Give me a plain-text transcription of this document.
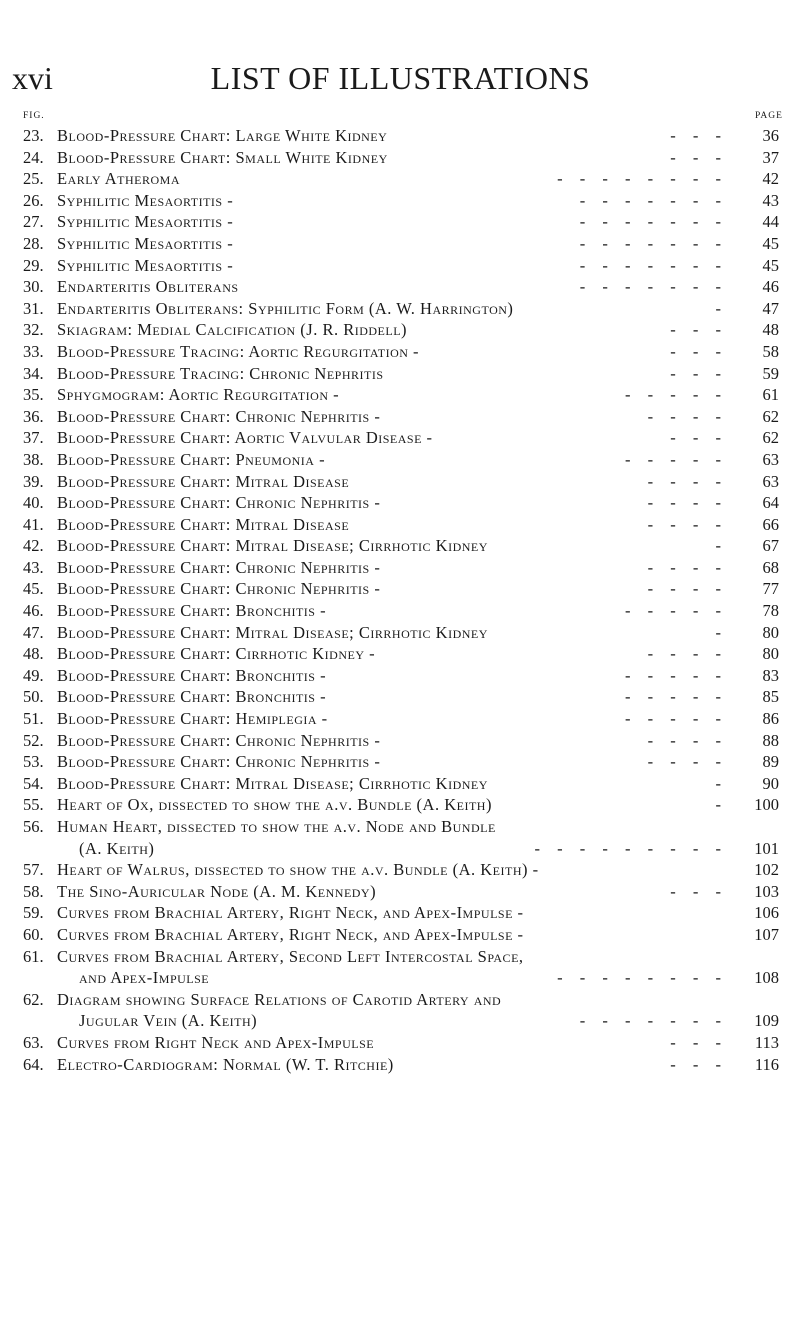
xvi	LIST OF ILLUSTRATIONS
FIG.	PAGE
23. Blood-Pressure Chart: Large White Kidney	- - -	36
24. Blood-Pressure Chart: Small White Kidney	- - -	37
25. Early Atheroma	- - - - - - - -	42
26. Syphilitic Mesaortitis -	- - - - - - -	43
27. Syphilitic Mesaortitis -	- - - - - - -	44
28. Syphilitic Mesaortitis -	- - - - - - -	45
29. Syphilitic Mesaortitis -	- - - - - - -	45
30. Endarteritis Obliterans	- - - - - - -	46
31. Endarteritis Obliterans: Syphilitic Form (A. W. Harrington)	-	47
32. Skiagram: Medial Calcification (J. R. Riddell)	- - -	48
33. Blood-Pressure Tracing: Aortic Regurgitation -	- - -	58
34. Blood-Pressure Tracing: Chronic Nephritis	- - -	59
35. Sphygmogram: Aortic Regurgitation -	- - - - -	61
36. Blood-Pressure Chart: Chronic Nephritis -	- - - -	62
37. Blood-Pressure Chart: Aortic Valvular Disease -	- - -	62
38. Blood-Pressure Chart: Pneumonia -	- - - - -	63
39. Blood-Pressure Chart: Mitral Disease	- - - -	63
40. Blood-Pressure Chart: Chronic Nephritis -	- - - -	64
41. Blood-Pressure Chart: Mitral Disease	- - - -	66
42. Blood-Pressure Chart: Mitral Disease; Cirrhotic Kidney	-	67
43. Blood-Pressure Chart: Chronic Nephritis -	- - - -	68
45. Blood-Pressure Chart: Chronic Nephritis -	- - - -	77
46. Blood-Pressure Chart: Bronchitis -	- - - - -	78
47. Blood-Pressure Chart: Mitral Disease; Cirrhotic Kidney	-	80
48. Blood-Pressure Chart: Cirrhotic Kidney -	- - - -	80
49. Blood-Pressure Chart: Bronchitis -	- - - - -	83
50. Blood-Pressure Chart: Bronchitis -	- - - - -	85
51. Blood-Pressure Chart: Hemiplegia -	- - - - -	86
52. Blood-Pressure Chart: Chronic Nephritis -	- - - -	88
53. Blood-Pressure Chart: Chronic Nephritis -	- - - -	89
54. Blood-Pressure Chart: Mitral Disease; Cirrhotic Kidney	-	90
55. Heart of Ox, dissected to show the a.v. Bundle (A. Keith)	- 100
56. Human Heart, dissected to show the a.v. Node and Bundle
(A. Keith)	- - - - - - - - - 101
57. Heart of Walrus, dissected to show the a.v. Bundle (A. Keith) -	102
58. The Sino-Auricular Node (A. M. Kennedy)	- - - 103
59. Curves from Brachial Artery, Right Neck, and Apex-Impulse -	106
60. Curves from Brachial Artery, Right Neck, and Apex-Impulse -	107
61. Curves from Brachial Artery, Second Left Intercostal Space,
and Apex-Impulse	- - - - - - - - 108
62. Diagram showing Surface Relations of Carotid Artery and
Jugular Vein (A. Keith)	- - - - - - - 109
63. Curves from Right Neck and Apex-Impulse	- - - 113
64. Electro-Cardiogram: Normal (W. T. Ritchie)	- - - 116
